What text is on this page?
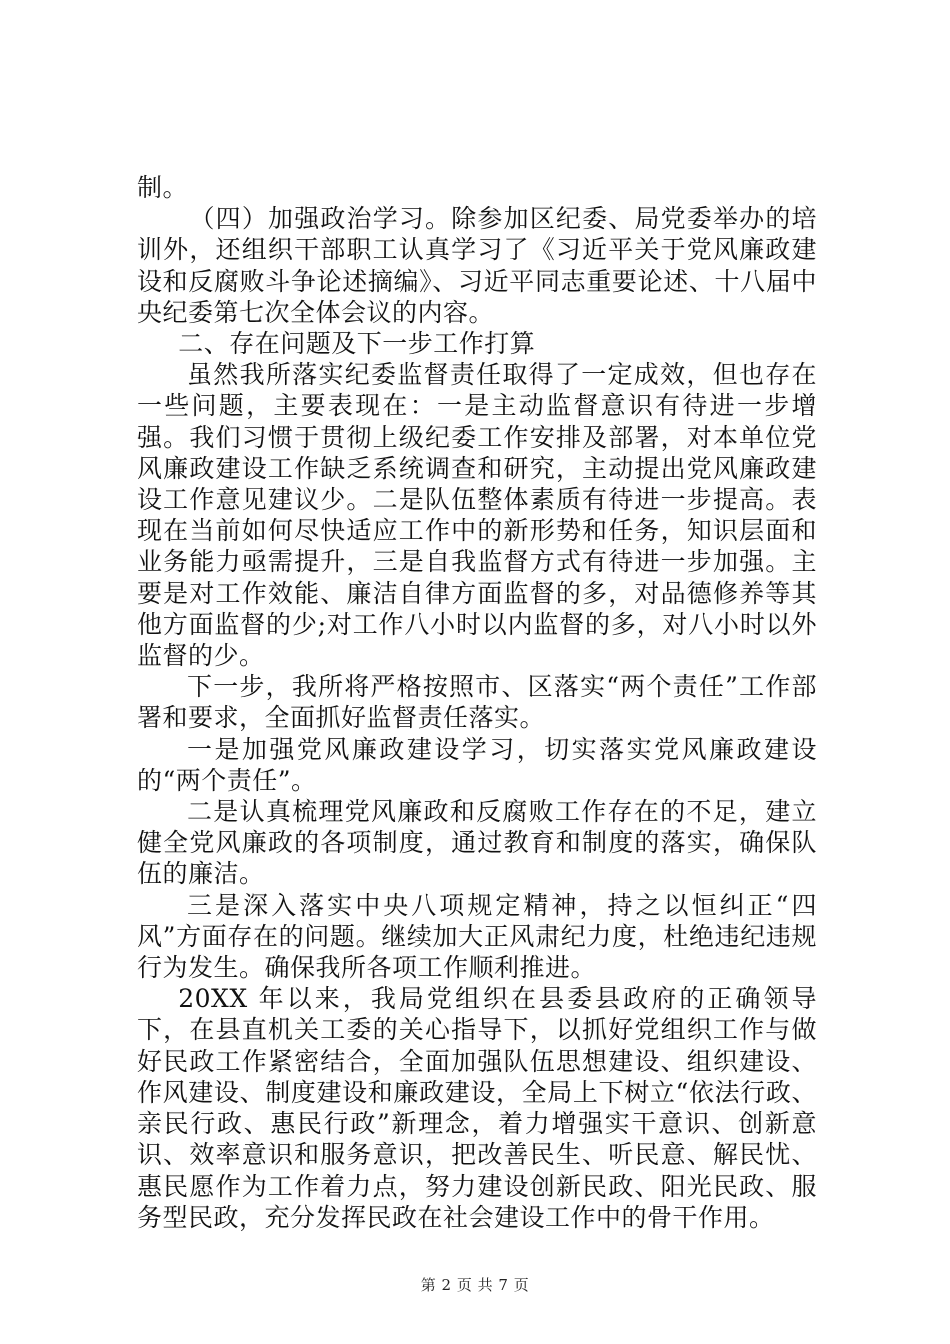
制。

（四）加强政治学习。除参加区纪委、局党委举办的培训外，还组织干部职工认真学习了《习近平关于党风廉政建设和反腐败斗争论述摘编》、习近平同志重要论述、十八届中央纪委第七次全体会议的内容。

二、存在问题及下一步工作打算

虽然我所落实纪委监督责任取得了一定成效，但也存在一些问题，主要表现在：一是主动监督意识有待进一步增强。我们习惯于贯彻上级纪委工作安排及部署，对本单位党风廉政建设工作缺乏系统调查和研究，主动提出党风廉政建设工作意见建议少。二是队伍整体素质有待进一步提高。表现在当前如何尽快适应工作中的新形势和任务，知识层面和业务能力亟需提升，三是自我监督方式有待进一步加强。主要是对工作效能、廉洁自律方面监督的多，对品德修养等其他方面监督的少;对工作八小时以内监督的多，对八小时以外监督的少。

下一步，我所将严格按照市、区落实“两个责任”工作部署和要求，全面抓好监督责任落实。

一是加强党风廉政建设学习，切实落实党风廉政建设的“两个责任”。

二是认真梳理党风廉政和反腐败工作存在的不足，建立健全党风廉政的各项制度，通过教育和制度的落实，确保队伍的廉洁。

三是深入落实中央八项规定精神，持之以恒纠正“四风”方面存在的问题。继续加大正风肃纪力度，杜绝违纪违规行为发生。确保我所各项工作顺利推进。

20XX 年以来，我局党组织在县委县政府的正确领导下，在县直机关工委的关心指导下，以抓好党组织工作与做好民政工作紧密结合，全面加强队伍思想建设、组织建设、作风建设、制度建设和廉政建设，全局上下树立“依法行政、亲民行政、惠民行政”新理念，着力增强实干意识、创新意识、效率意识和服务意识，把改善民生、听民意、解民忧、惠民愿作为工作着力点，努力建设创新民政、阳光民政、服务型民政，充分发挥民政在社会建设工作中的骨干作用。

第 2 页 共 7 页
